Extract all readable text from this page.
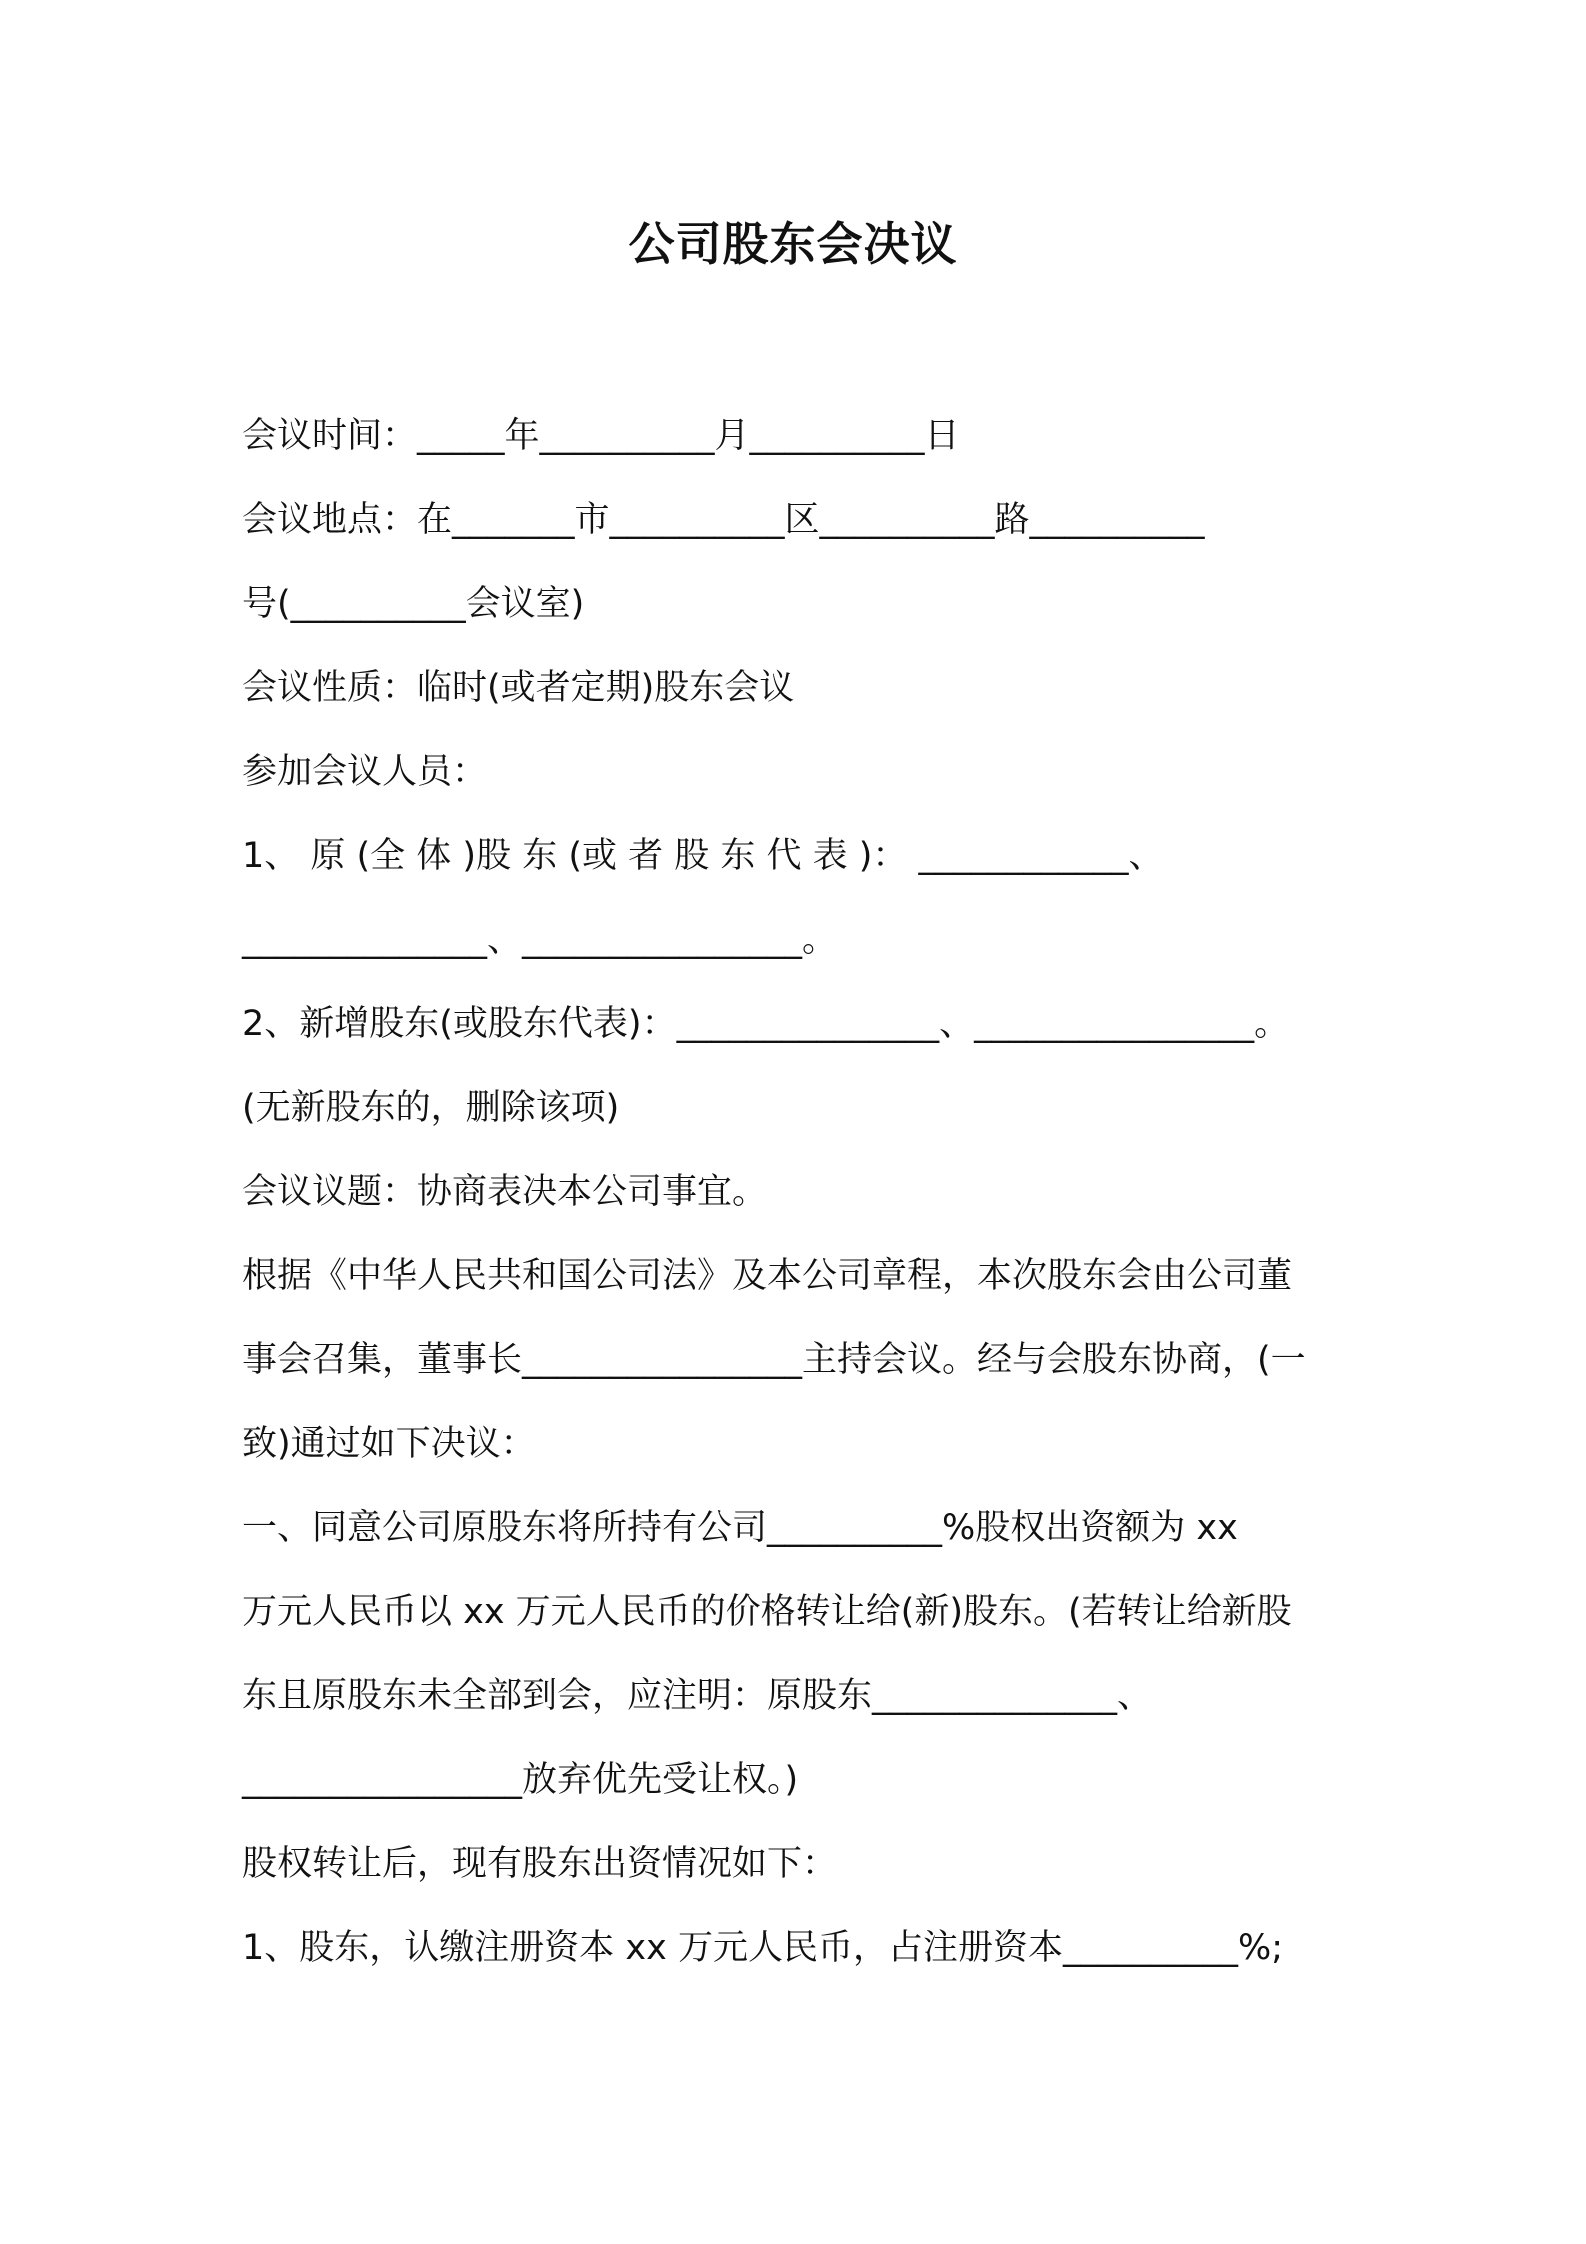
公司股东会决议
会议时间：_____年__________月__________日
会议地点：在_______市__________区__________路__________
号(__________会议室)
会议性质：临时(或者定期)股东会议
参加会议人员：
1、 原 (全 体 )股 东 (或 者 股 东 代 表 )： ____________、
______________、________________。
2、新增股东(或股东代表)：_______________、________________。
(无新股东的，删除该项)
会议议题：协商表决本公司事宜。
根据《中华人民共和国公司法》及本公司章程，本次股东会由公司董
事会召集，董事长________________主持会议。经与会股东协商，(一
致)通过如下决议：
一、同意公司原股东将所持有公司__________%股权出资额为 xx
万元人民币以 xx 万元人民币的价格转让给(新)股东。(若转让给新股
东且原股东未全部到会，应注明：原股东______________、
________________放弃优先受让权。)
股权转让后，现有股东出资情况如下：
1、股东，认缴注册资本 xx 万元人民币，占注册资本__________%;
